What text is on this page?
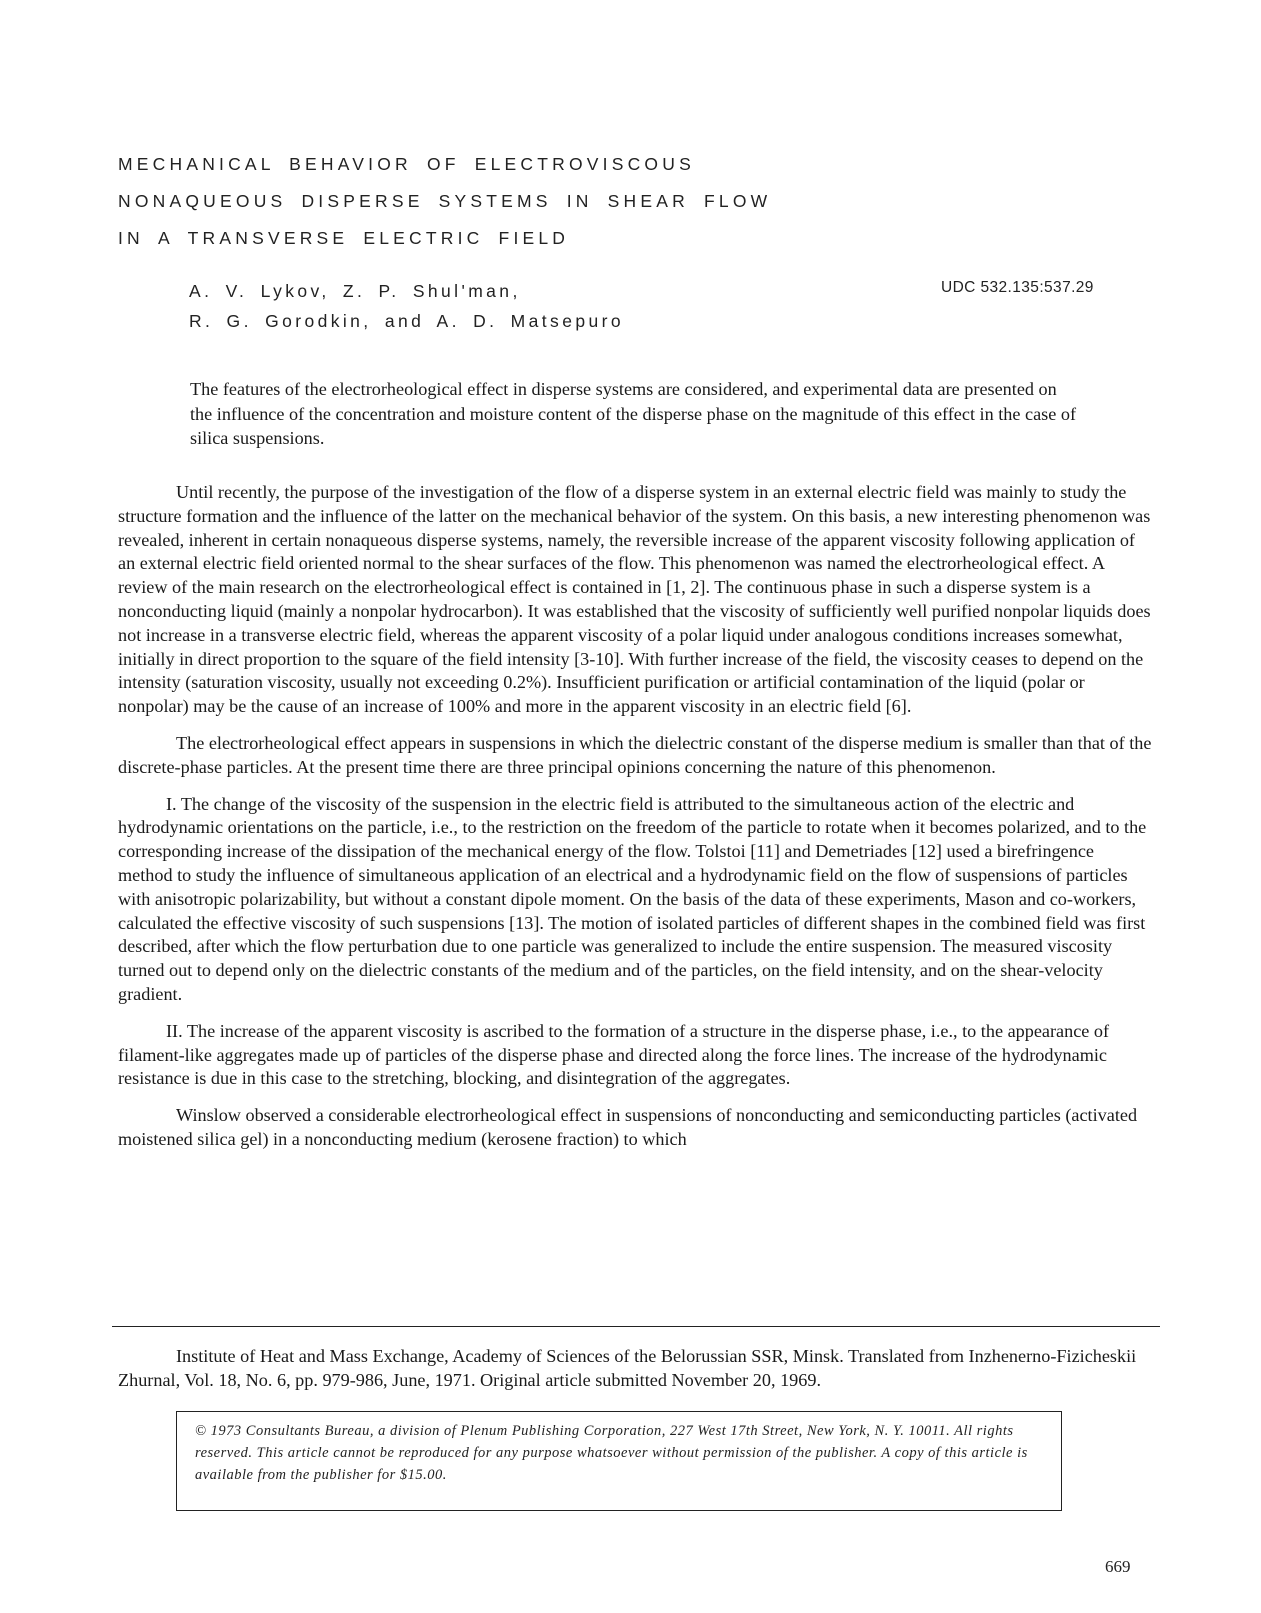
MECHANICAL BEHAVIOR OF ELECTROVISCOUS
NONAQUEOUS DISPERSE SYSTEMS IN SHEAR FLOW
IN A TRANSVERSE ELECTRIC FIELD
A. V. Lykov, Z. P. Shul'man,
R. G. Gorodkin, and A. D. Matsepuro
UDC 532.135:537.29

The features of the electrorheological effect in disperse systems are considered, and experimental data are presented on the influence of the concentration and moisture content of the disperse phase on the magnitude of this effect in the case of silica suspensions.

Until recently, the purpose of the investigation of the flow of a disperse system in an external electric field was mainly to study the structure formation and the influence of the latter on the mechanical behavior of the system. On this basis, a new interesting phenomenon was revealed, inherent in certain nonaqueous disperse systems, namely, the reversible increase of the apparent viscosity following application of an external electric field oriented normal to the shear surfaces of the flow. This phenomenon was named the electrorheological effect. A review of the main research on the electrorheological effect is contained in [1, 2]. The continuous phase in such a disperse system is a nonconducting liquid (mainly a nonpolar hydrocarbon). It was established that the viscosity of sufficiently well purified nonpolar liquids does not increase in a transverse electric field, whereas the apparent viscosity of a polar liquid under analogous conditions increases somewhat, initially in direct proportion to the square of the field intensity [3-10]. With further increase of the field, the viscosity ceases to depend on the intensity (saturation viscosity, usually not exceeding 0.2%). Insufficient purification or artificial contamination of the liquid (polar or nonpolar) may be the cause of an increase of 100% and more in the apparent viscosity in an electric field [6].

The electrorheological effect appears in suspensions in which the dielectric constant of the disperse medium is smaller than that of the discrete-phase particles. At the present time there are three principal opinions concerning the nature of this phenomenon.

I. The change of the viscosity of the suspension in the electric field is attributed to the simultaneous action of the electric and hydrodynamic orientations on the particle, i.e., to the restriction on the freedom of the particle to rotate when it becomes polarized, and to the corresponding increase of the dissipation of the mechanical energy of the flow. Tolstoi [11] and Demetriades [12] used a birefringence method to study the influence of simultaneous application of an electrical and a hydrodynamic field on the flow of suspensions of particles with anisotropic polarizability, but without a constant dipole moment. On the basis of the data of these experiments, Mason and co-workers, calculated the effective viscosity of such suspensions [13]. The motion of isolated particles of different shapes in the combined field was first described, after which the flow perturbation due to one particle was generalized to include the entire suspension. The measured viscosity turned out to depend only on the dielectric constants of the medium and of the particles, on the field intensity, and on the shear-velocity gradient.

II. The increase of the apparent viscosity is ascribed to the formation of a structure in the disperse phase, i.e., to the appearance of filament-like aggregates made up of particles of the disperse phase and directed along the force lines. The increase of the hydrodynamic resistance is due in this case to the stretching, blocking, and disintegration of the aggregates.

Winslow observed a considerable electrorheological effect in suspensions of nonconducting and semiconducting particles (activated moistened silica gel) in a nonconducting medium (kerosene fraction) to which

Institute of Heat and Mass Exchange, Academy of Sciences of the Belorussian SSR, Minsk. Translated from Inzhenerno-Fizicheskii Zhurnal, Vol. 18, No. 6, pp. 979-986, June, 1971. Original article submitted November 20, 1969.

© 1973 Consultants Bureau, a division of Plenum Publishing Corporation, 227 West 17th Street, New York, N. Y. 10011. All rights reserved. This article cannot be reproduced for any purpose whatsoever without permission of the publisher. A copy of this article is available from the publisher for $15.00.

669
